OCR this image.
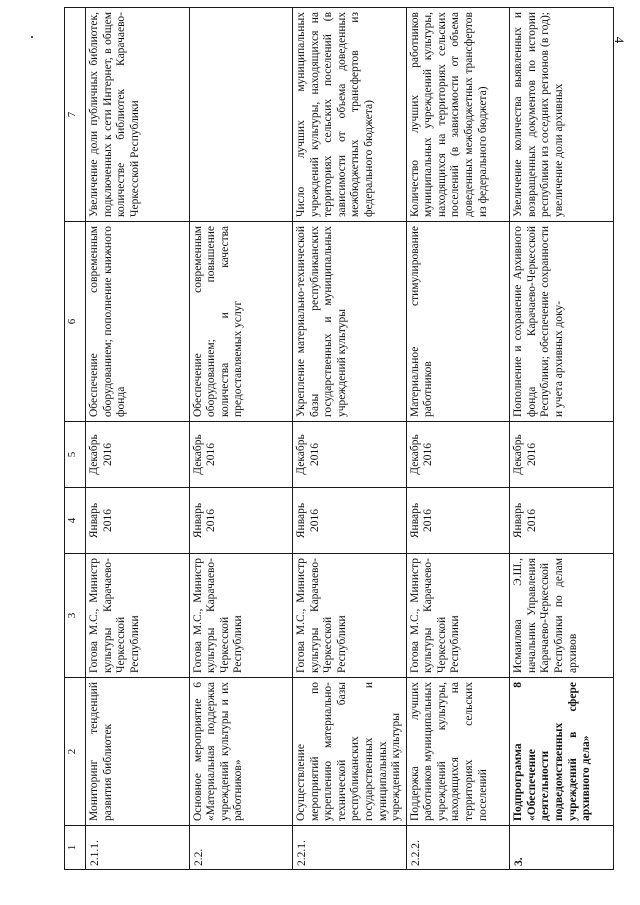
4
1	2	3	4	5	6	7
2.1.1.	Мониторинг тенденций развития библиотек	Гогова М.С., Министр культуры Карачаево-Черкесской Республики	Январь 2016	Декабрь 2016	Обеспечение современным оборудованием; пополнение книжного фонда	Увеличение доли публичных библиотек, подключенных к сети Интернет, в общем количестве библиотек Карачаево-Черкесской Республики
2.2.	Основное мероприятие 6 «Материальная поддержка учреждений культуры и их работников»	Гогова М.С., Министр культуры Карачаево-Черкесской Республики	Январь 2016	Декабрь 2016	Обеспечение современным оборудованием; повышение количества и качества предоставляемых услуг	
2.2.1.	Осуществление мероприятий по укреплению материально-технической базы республиканских государственных и муниципальных учреждений культуры	Гогова М.С., Министр культуры Карачаево-Черкесской Республики	Январь 2016	Декабрь 2016	Укрепление материально-технической базы республиканских государственных и муниципальных учреждений культуры	Число лучших муниципальных учреждений культуры, находящихся на территориях сельских поселений (в зависимости от объема доведенных межбюджетных трансфертов из федерального бюджета)
2.2.2.	Поддержка лучших работников муниципальных учреждений культуры, находящихся на территориях сельских поселений	Гогова М.С., Министр культуры Карачаево-Черкесской Республики	Январь 2016	Декабрь 2016	Материальное стимулирование работников	Количество лучших работников муниципальных учреждений культуры, находящихся на территориях сельских поселений (в зависимости от объема доведенных межбюджетных трансфертов из федерального бюджета)
3.	Подпрограмма 8 «Обеспечение деятельности подведомственных учреждений в сфере архивного дела»	Исмаилова Э.Ш., начальник Управления Карачаево-Черкесской Республики по делам архивов	Январь 2016	Декабрь 2016	Пополнение и сохранение Архивного фонда Карачаево-Черкесской Республики; обеспечение сохранности и учета архивных доку-	Увеличение количества выявленных и возвращенных документов по истории республики из соседних регионов (в год); увеличение доли архивных
